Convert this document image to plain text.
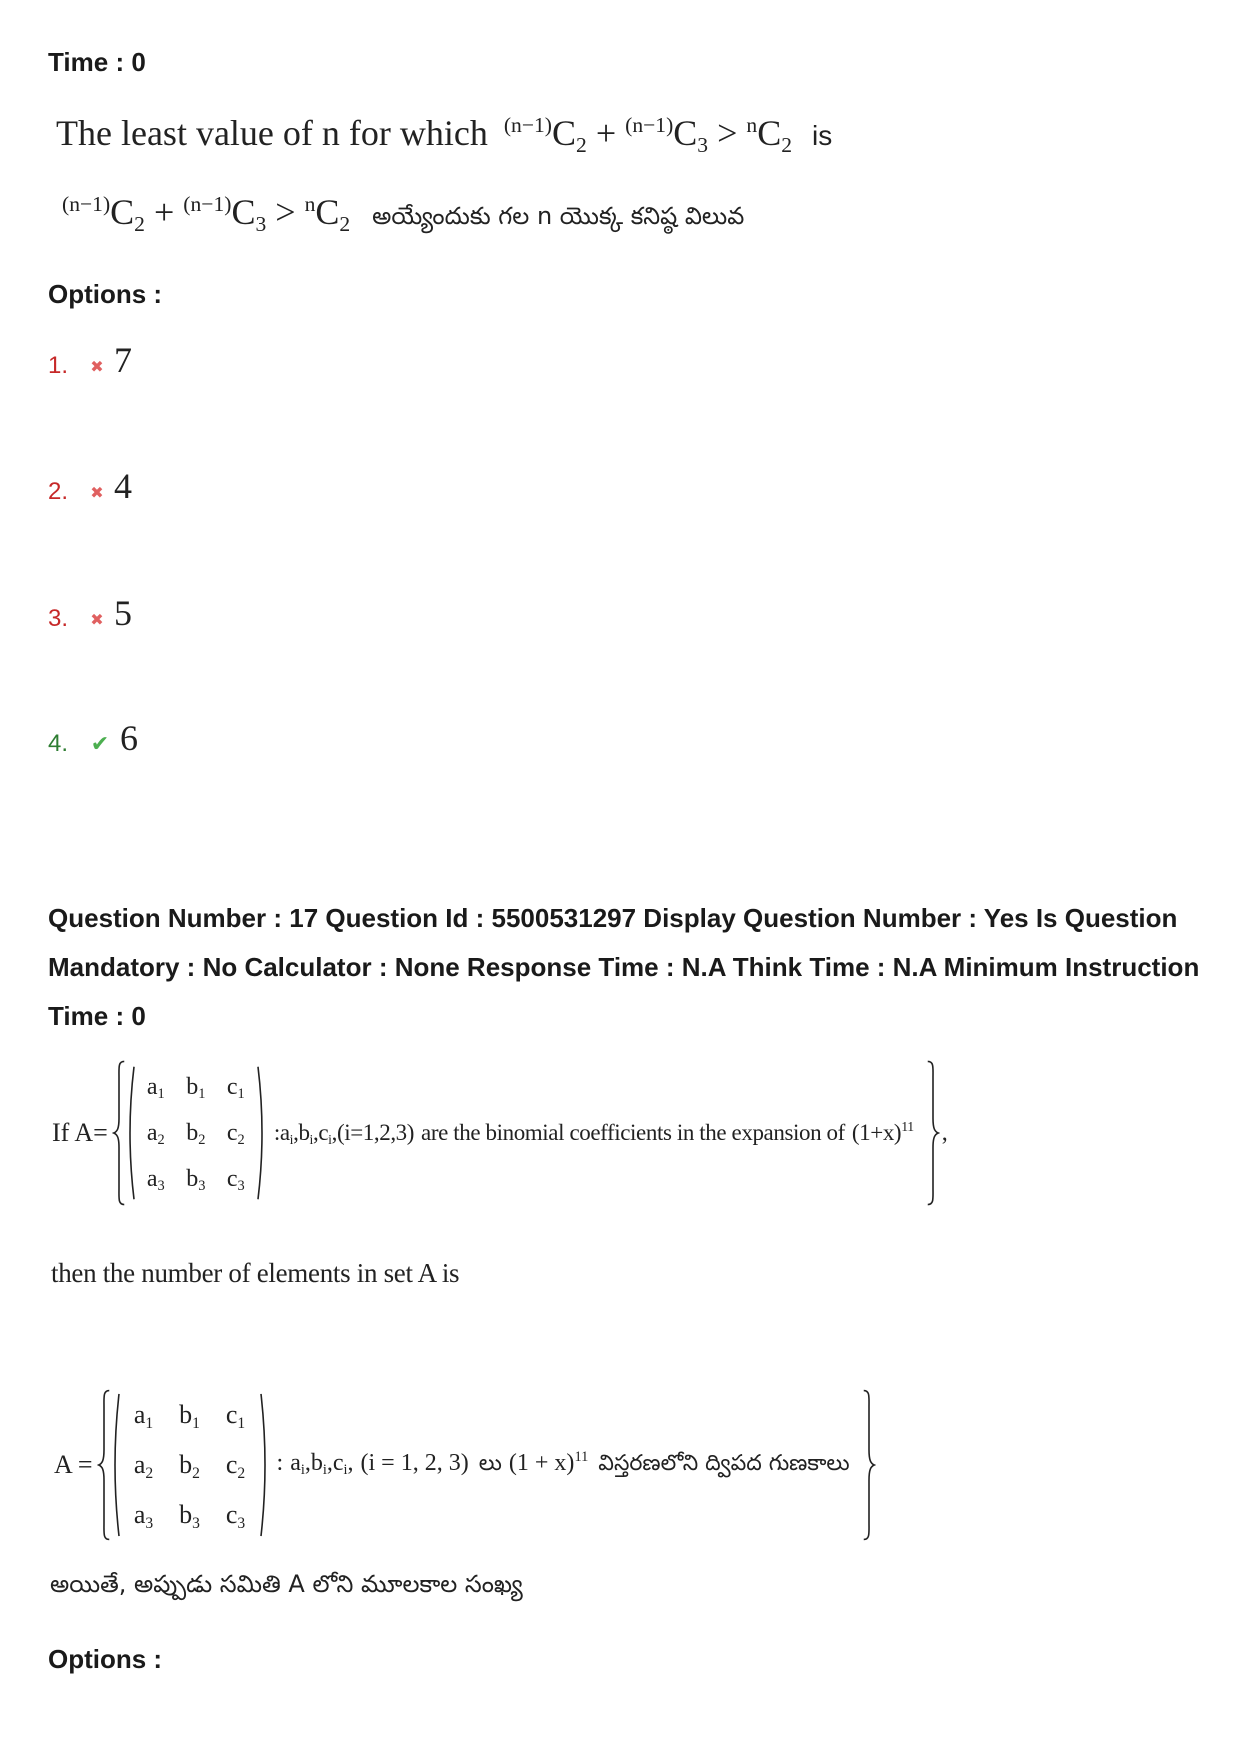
Time : 0
The least value of n for which (n−1) C 2 + (n−1) C 3 > n C 2 is
(n−1) C 2 + (n−1) C 3 > n C 2 అయ్యేందుకు గల n యొక్క కనిష్ఠ విలువ
Options :
1. ✖	7
2. ✖	4
3. ✖	5
4. ✔	6
Question Number : 17 Question Id : 5500531297 Display Question Number : Yes Is Question
Mandatory : No Calculator : None Response Time : N.A Think Time : N.A Minimum Instruction
Time : 0
If A=
a 1 b 1 c 1
a 2 b 2 c 2
a 3 b 3 c 3
: a i , b i , c i , (i=1,2,3) are the binomial coefficients in the expansion of (1+x) 11 ,
then the number of elements in set A is
A =
a 1 b 1 c 1
a 2 b 2 c 2
a 3 b 3 c 3
: a i , b i , c i , (i = 1, 2, 3) లు (1 + x) 11 విస్తరణలోని ద్విపద గుణకాలు
అయితే, అప్పుడు సమితి A లోని మూలకాల సంఖ్య
Options :
